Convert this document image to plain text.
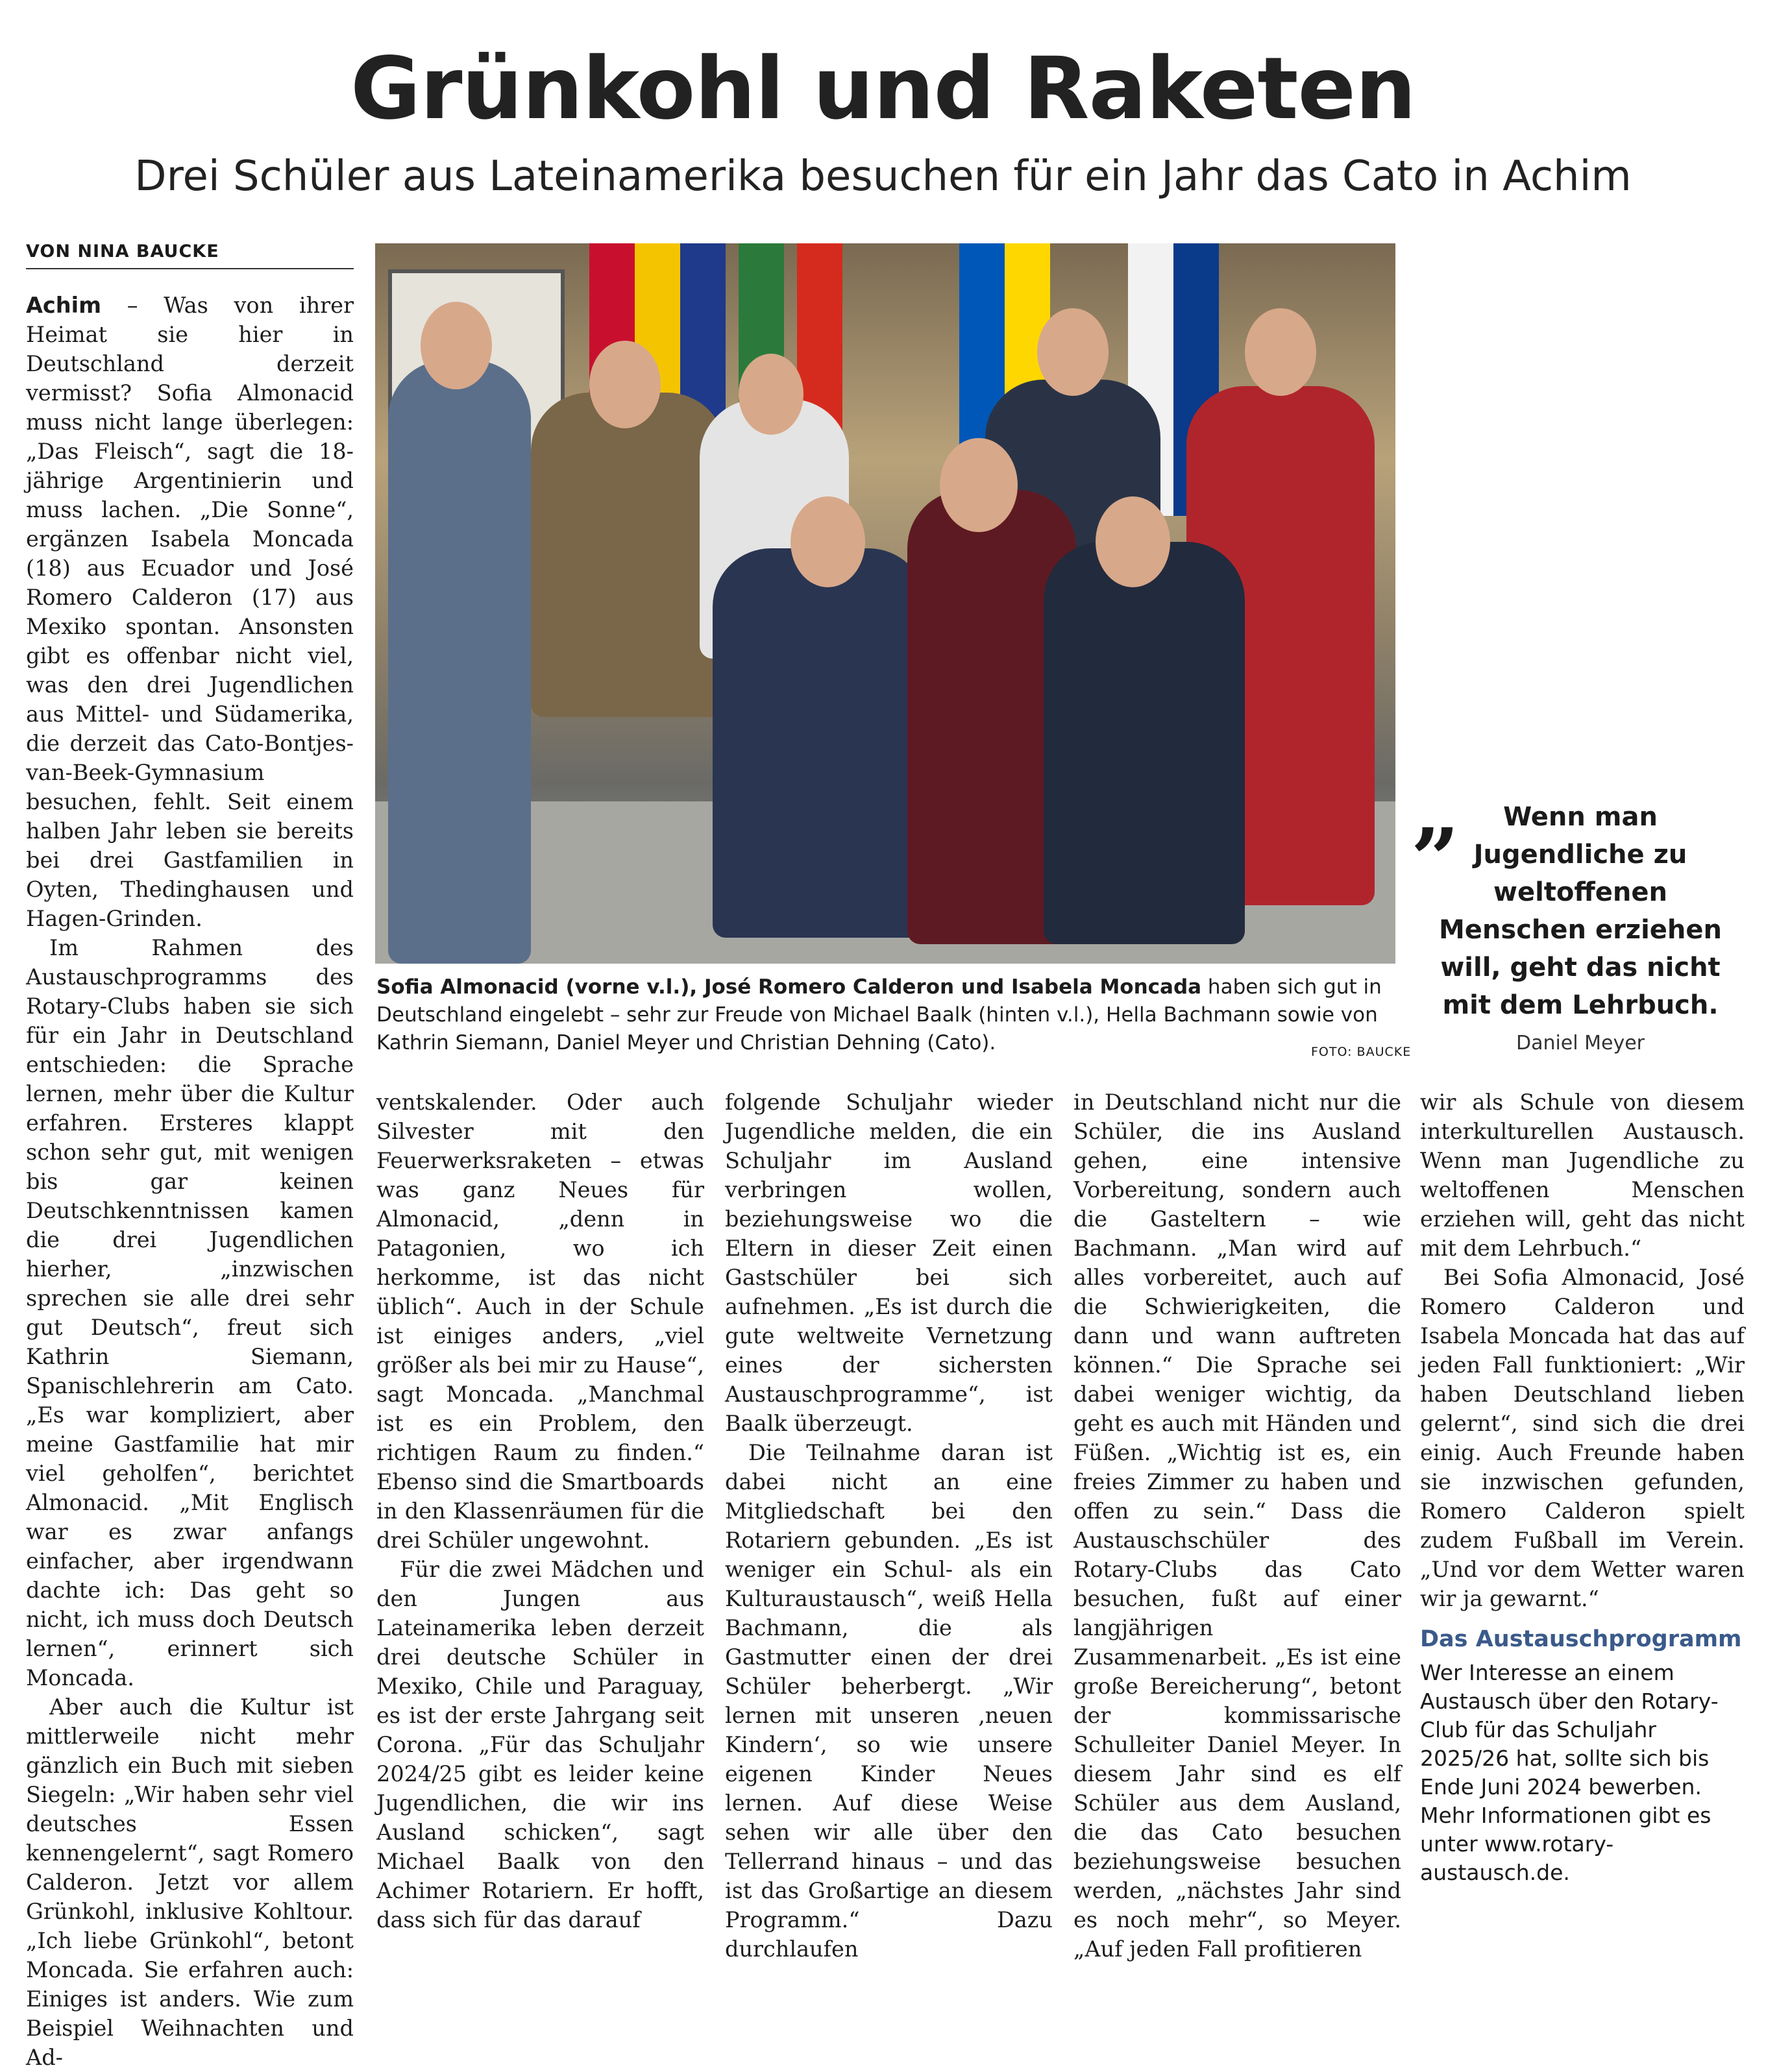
Grünkohl und Raketen
Drei Schüler aus Lateinamerika besuchen für ein Jahr das Cato in Achim
VON NINA BAUCKE

Achim – Was von ihrer Heimat sie hier in Deutschland derzeit vermisst? Sofia Almonacid muss nicht lange überlegen: „Das Fleisch“, sagt die 18-jährige Argentinierin und muss lachen. „Die Sonne“, ergänzen Isabela Moncada (18) aus Ecuador und José Romero Calderon (17) aus Mexiko spontan. Ansonsten gibt es offenbar nicht viel, was den drei Jugendlichen aus Mittel- und Südamerika, die derzeit das Cato-Bontjes-van-Beek-Gymnasium besuchen, fehlt. Seit einem halben Jahr leben sie bereits bei drei Gastfamilien in Oyten, Thedinghausen und Hagen-Grinden.

Im Rahmen des Austauschprogramms des Rotary-Clubs haben sie sich für ein Jahr in Deutschland entschieden: die Sprache lernen, mehr über die Kultur erfahren. Ersteres klappt schon sehr gut, mit wenigen bis gar keinen Deutschkenntnissen kamen die drei Jugendlichen hierher, „inzwischen sprechen sie alle drei sehr gut Deutsch“, freut sich Kathrin Siemann, Spanischlehrerin am Cato. „Es war kompliziert, aber meine Gastfamilie hat mir viel geholfen“, berichtet Almonacid. „Mit Englisch war es zwar anfangs einfacher, aber irgendwann dachte ich: Das geht so nicht, ich muss doch Deutsch lernen“, erinnert sich Moncada.

Aber auch die Kultur ist mittlerweile nicht mehr gänzlich ein Buch mit sieben Siegeln: „Wir haben sehr viel deutsches Essen kennengelernt“, sagt Romero Calderon. Jetzt vor allem Grünkohl, inklusive Kohltour. „Ich liebe Grünkohl“, betont Moncada. Sie erfahren auch: Einiges ist anders. Wie zum Beispiel Weihnachten und Ad-

Sofia Almonacid (vorne v.l.), José Romero Calderon und Isabela Moncada haben sich gut in Deutschland eingelebt – sehr zur Freude von Michael Baalk (hinten v.l.), Hella Bachmann sowie von Kathrin Siemann, Daniel Meyer und Christian Dehning (Cato).	FOTO: BAUCKE
„	Wenn man Jugendliche zu weltoffenen Menschen erziehen will, geht das nicht mit dem Lehrbuch.
Daniel Meyer

ventskalender. Oder auch Silvester mit den Feuerwerksraketen – etwas was ganz Neues für Almonacid, „denn in Patagonien, wo ich herkomme, ist das nicht üblich“. Auch in der Schule ist einiges anders, „viel größer als bei mir zu Hause“, sagt Moncada. „Manchmal ist es ein Problem, den richtigen Raum zu finden.“ Ebenso sind die Smartboards in den Klassenräumen für die drei Schüler ungewohnt.

Für die zwei Mädchen und den Jungen aus Lateinamerika leben derzeit drei deutsche Schüler in Mexiko, Chile und Paraguay, es ist der erste Jahrgang seit Corona. „Für das Schuljahr 2024/25 gibt es leider keine Jugendlichen, die wir ins Ausland schicken“, sagt Michael Baalk von den Achimer Rotariern. Er hofft, dass sich für das darauf

folgende Schuljahr wieder Jugendliche melden, die ein Schuljahr im Ausland verbringen wollen, beziehungsweise wo die Eltern in dieser Zeit einen Gastschüler bei sich aufnehmen. „Es ist durch die gute weltweite Vernetzung eines der sichersten Austauschprogramme“, ist Baalk überzeugt.

Die Teilnahme daran ist dabei nicht an eine Mitgliedschaft bei den Rotariern gebunden. „Es ist weniger ein Schul- als ein Kulturaustausch“, weiß Hella Bachmann, die als Gastmutter einen der drei Schüler beherbergt. „Wir lernen mit unseren ‚neuen Kindern‘, so wie unsere eigenen Kinder Neues lernen. Auf diese Weise sehen wir alle über den Tellerrand hinaus – und das ist das Großartige an diesem Programm.“ Dazu durchlaufen

in Deutschland nicht nur die Schüler, die ins Ausland gehen, eine intensive Vorbereitung, sondern auch die Gasteltern – wie Bachmann. „Man wird auf alles vorbereitet, auch auf die Schwierigkeiten, die dann und wann auftreten können.“ Die Sprache sei dabei weniger wichtig, da geht es auch mit Händen und Füßen. „Wichtig ist es, ein freies Zimmer zu haben und offen zu sein.“ Dass die Austauschschüler des Rotary-Clubs das Cato besuchen, fußt auf einer langjährigen Zusammenarbeit. „Es ist eine große Bereicherung“, betont der kommissarische Schulleiter Daniel Meyer. In diesem Jahr sind es elf Schüler aus dem Ausland, die das Cato besuchen beziehungsweise besuchen werden, „nächstes Jahr sind es noch mehr“, so Meyer. „Auf jeden Fall profitieren

wir als Schule von diesem interkulturellen Austausch. Wenn man Jugendliche zu weltoffenen Menschen erziehen will, geht das nicht mit dem Lehrbuch.“

Bei Sofia Almonacid, José Romero Calderon und Isabela Moncada hat das auf jeden Fall funktioniert: „Wir haben Deutschland lieben gelernt“, sind sich die drei einig. Auch Freunde haben sie inzwischen gefunden, Romero Calderon spielt zudem Fußball im Verein. „Und vor dem Wetter waren wir ja gewarnt.“

Das Austauschprogramm
Wer Interesse an einem Austausch über den Rotary-Club für das Schuljahr 2025/26 hat, sollte sich bis Ende Juni 2024 bewerben. Mehr Informationen gibt es unter www.rotary-austausch.de.
